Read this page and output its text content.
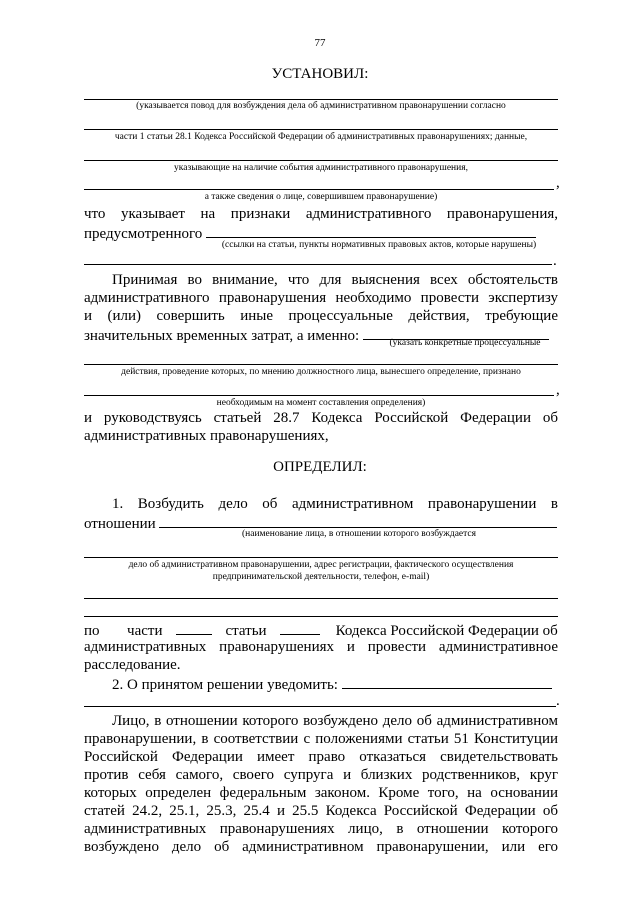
77
УСТАНОВИЛ:
(указывается повод для возбуждения дела об административном правонарушении согласно
части 1 статьи 28.1 Кодекса Российской Федерации об административных правонарушениях; данные,
указывающие на наличие события административного правонарушения,
,
а также сведения о лице, совершившем правонарушение)
что указывает на признаки административного правонарушения,
предусмотренного
(ссылки на статьи, пункты нормативных правовых актов, которые нарушены)
.
Принимая во внимание, что для выяснения всех обстоятельств
административного правонарушения необходимо провести экспертизу
и (или) совершить иные процессуальные действия, требующие
значительных временных затрат, а именно:	(указать конкретные процессуальные
действия, проведение которых, по мнению должностного лица, вынесшего определение, признано
,
необходимым на момент составления определения)
и руководствуясь статьей 28.7 Кодекса Российской Федерации об
административных правонарушениях,
ОПРЕДЕЛИЛ:
1. Возбудить дело об административном правонарушении в
отношении
(наименование лица, в отношении которого возбуждается
дело об административном правонарушении, адрес регистрации, фактического осуществления
предпринимательской деятельности, телефон, e-mail)
по части	статьи	Кодекса Российской Федерации об
административных правонарушениях и провести административное
расследование.
2. О принятом решении уведомить:
.
Лицо, в отношении которого возбуждено дело об административном
правонарушении, в соответствии с положениями статьи 51 Конституции
Российской Федерации имеет право отказаться свидетельствовать
против себя самого, своего супруга и близких родственников, круг
которых определен федеральным законом. Кроме того, на основании
статей 24.2, 25.1, 25.3, 25.4 и 25.5 Кодекса Российской Федерации об
административных правонарушениях лицо, в отношении которого
возбуждено дело об административном правонарушении, или его
